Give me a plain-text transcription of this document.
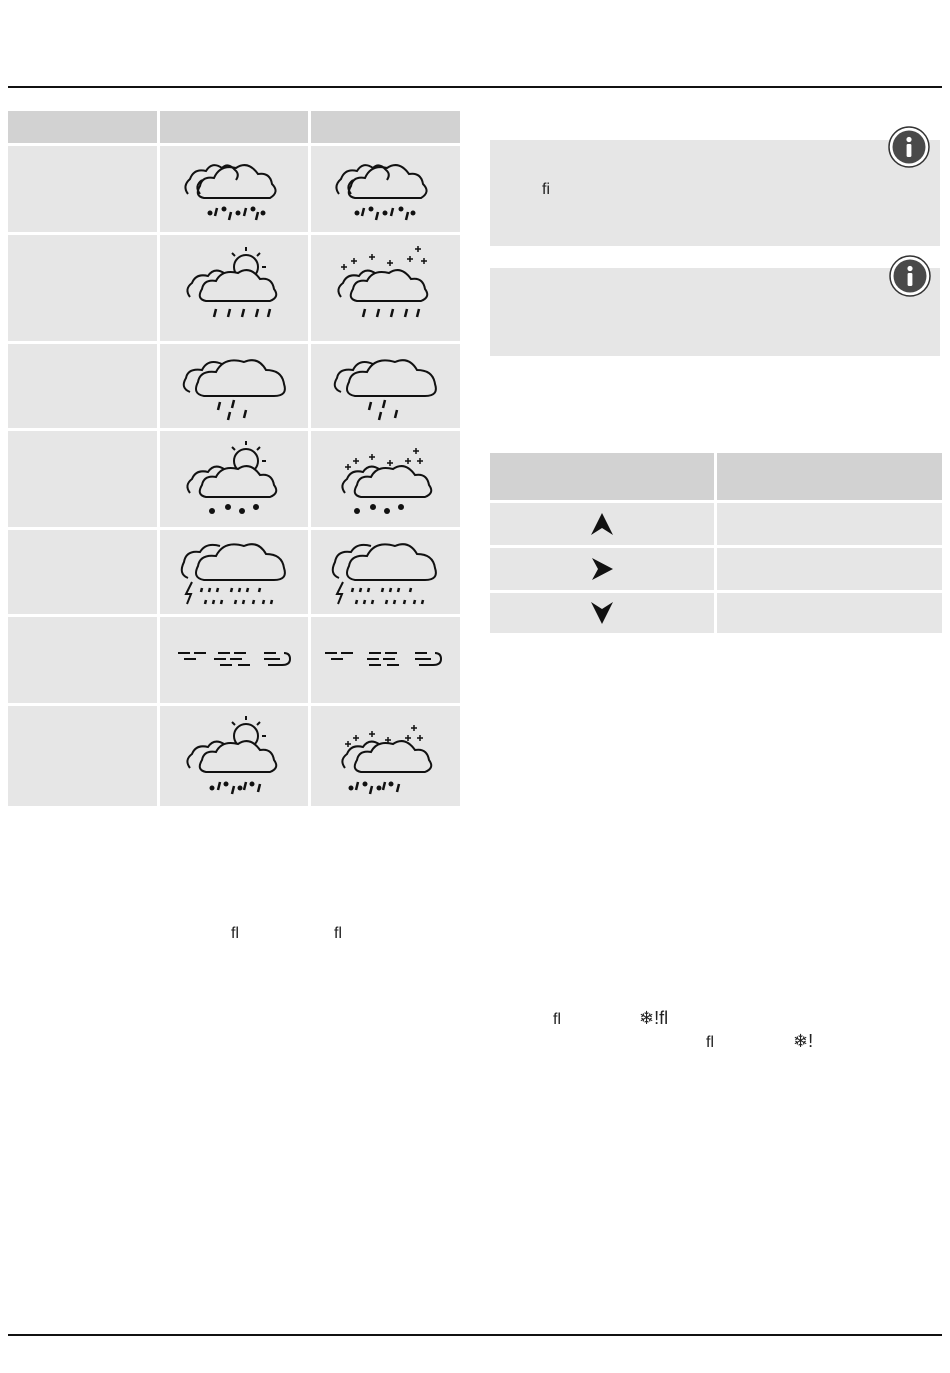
ﬁ
ﬂ	ﬂ
ﬂ	❄!ﬂ
ﬂ	❄!
